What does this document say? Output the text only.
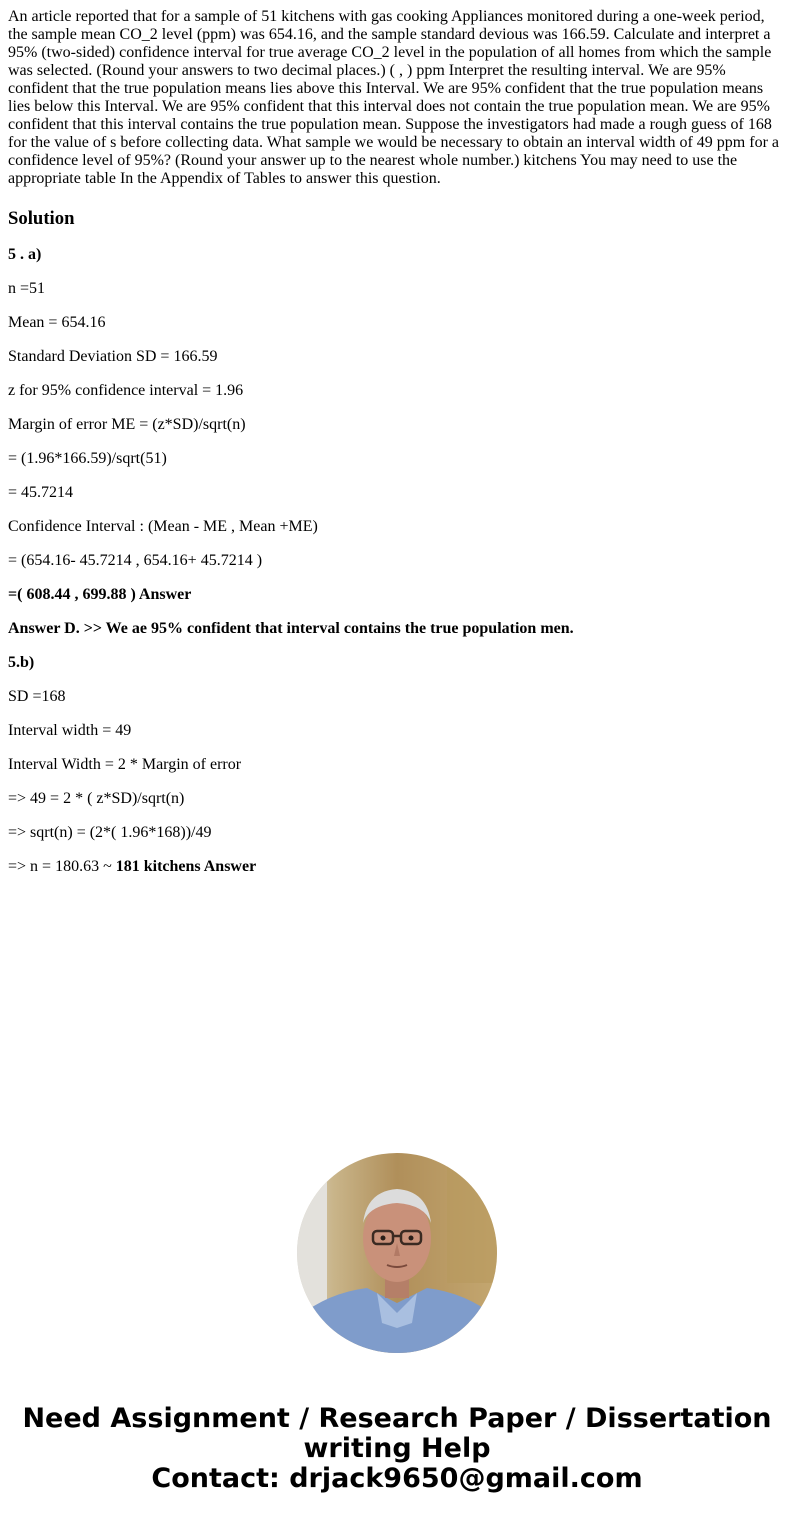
An article reported that for a sample of 51 kitchens with gas cooking Appliances monitored during a one-week period, the sample mean CO_2 level (ppm) was 654.16, and the sample standard devious was 166.59. Calculate and interpret a 95% (two-sided) confidence interval for true average CO_2 level in the population of all homes from which the sample was selected. (Round your answers to two decimal places.) ( , ) ppm Interpret the resulting interval. We are 95% confident that the true population means lies above this Interval. We are 95% confident that the true population means lies below this Interval. We are 95% confident that this interval does not contain the true population mean. We are 95% confident that this interval contains the true population mean. Suppose the investigators had made a rough guess of 168 for the value of s before collecting data. What sample we would be necessary to obtain an interval width of 49 ppm for a confidence level of 95%? (Round your answer up to the nearest whole number.) kitchens You may need to use the appropriate table In the Appendix of Tables to answer this question.

Solution

5 . a)

n =51

Mean = 654.16

Standard Deviation SD = 166.59

z for 95% confidence interval = 1.96

Margin of error ME = (z*SD)/sqrt(n)

= (1.96*166.59)/sqrt(51)

= 45.7214

Confidence Interval : (Mean - ME , Mean +ME)

= (654.16- 45.7214 , 654.16+ 45.7214 )

=( 608.44 , 699.88 ) Answer

Answer D. >> We ae 95% confident that interval contains the true population men.

5.b)

SD =168

Interval width = 49

Interval Width = 2 * Margin of error

=> 49 = 2 * ( z*SD)/sqrt(n)

=> sqrt(n) = (2*( 1.96*168))/49

=> n = 180.63 ~ 181 kitchens Answer

Need Assignment / Research Paper / Dissertation
writing Help
Contact: drjack9650@gmail.com
